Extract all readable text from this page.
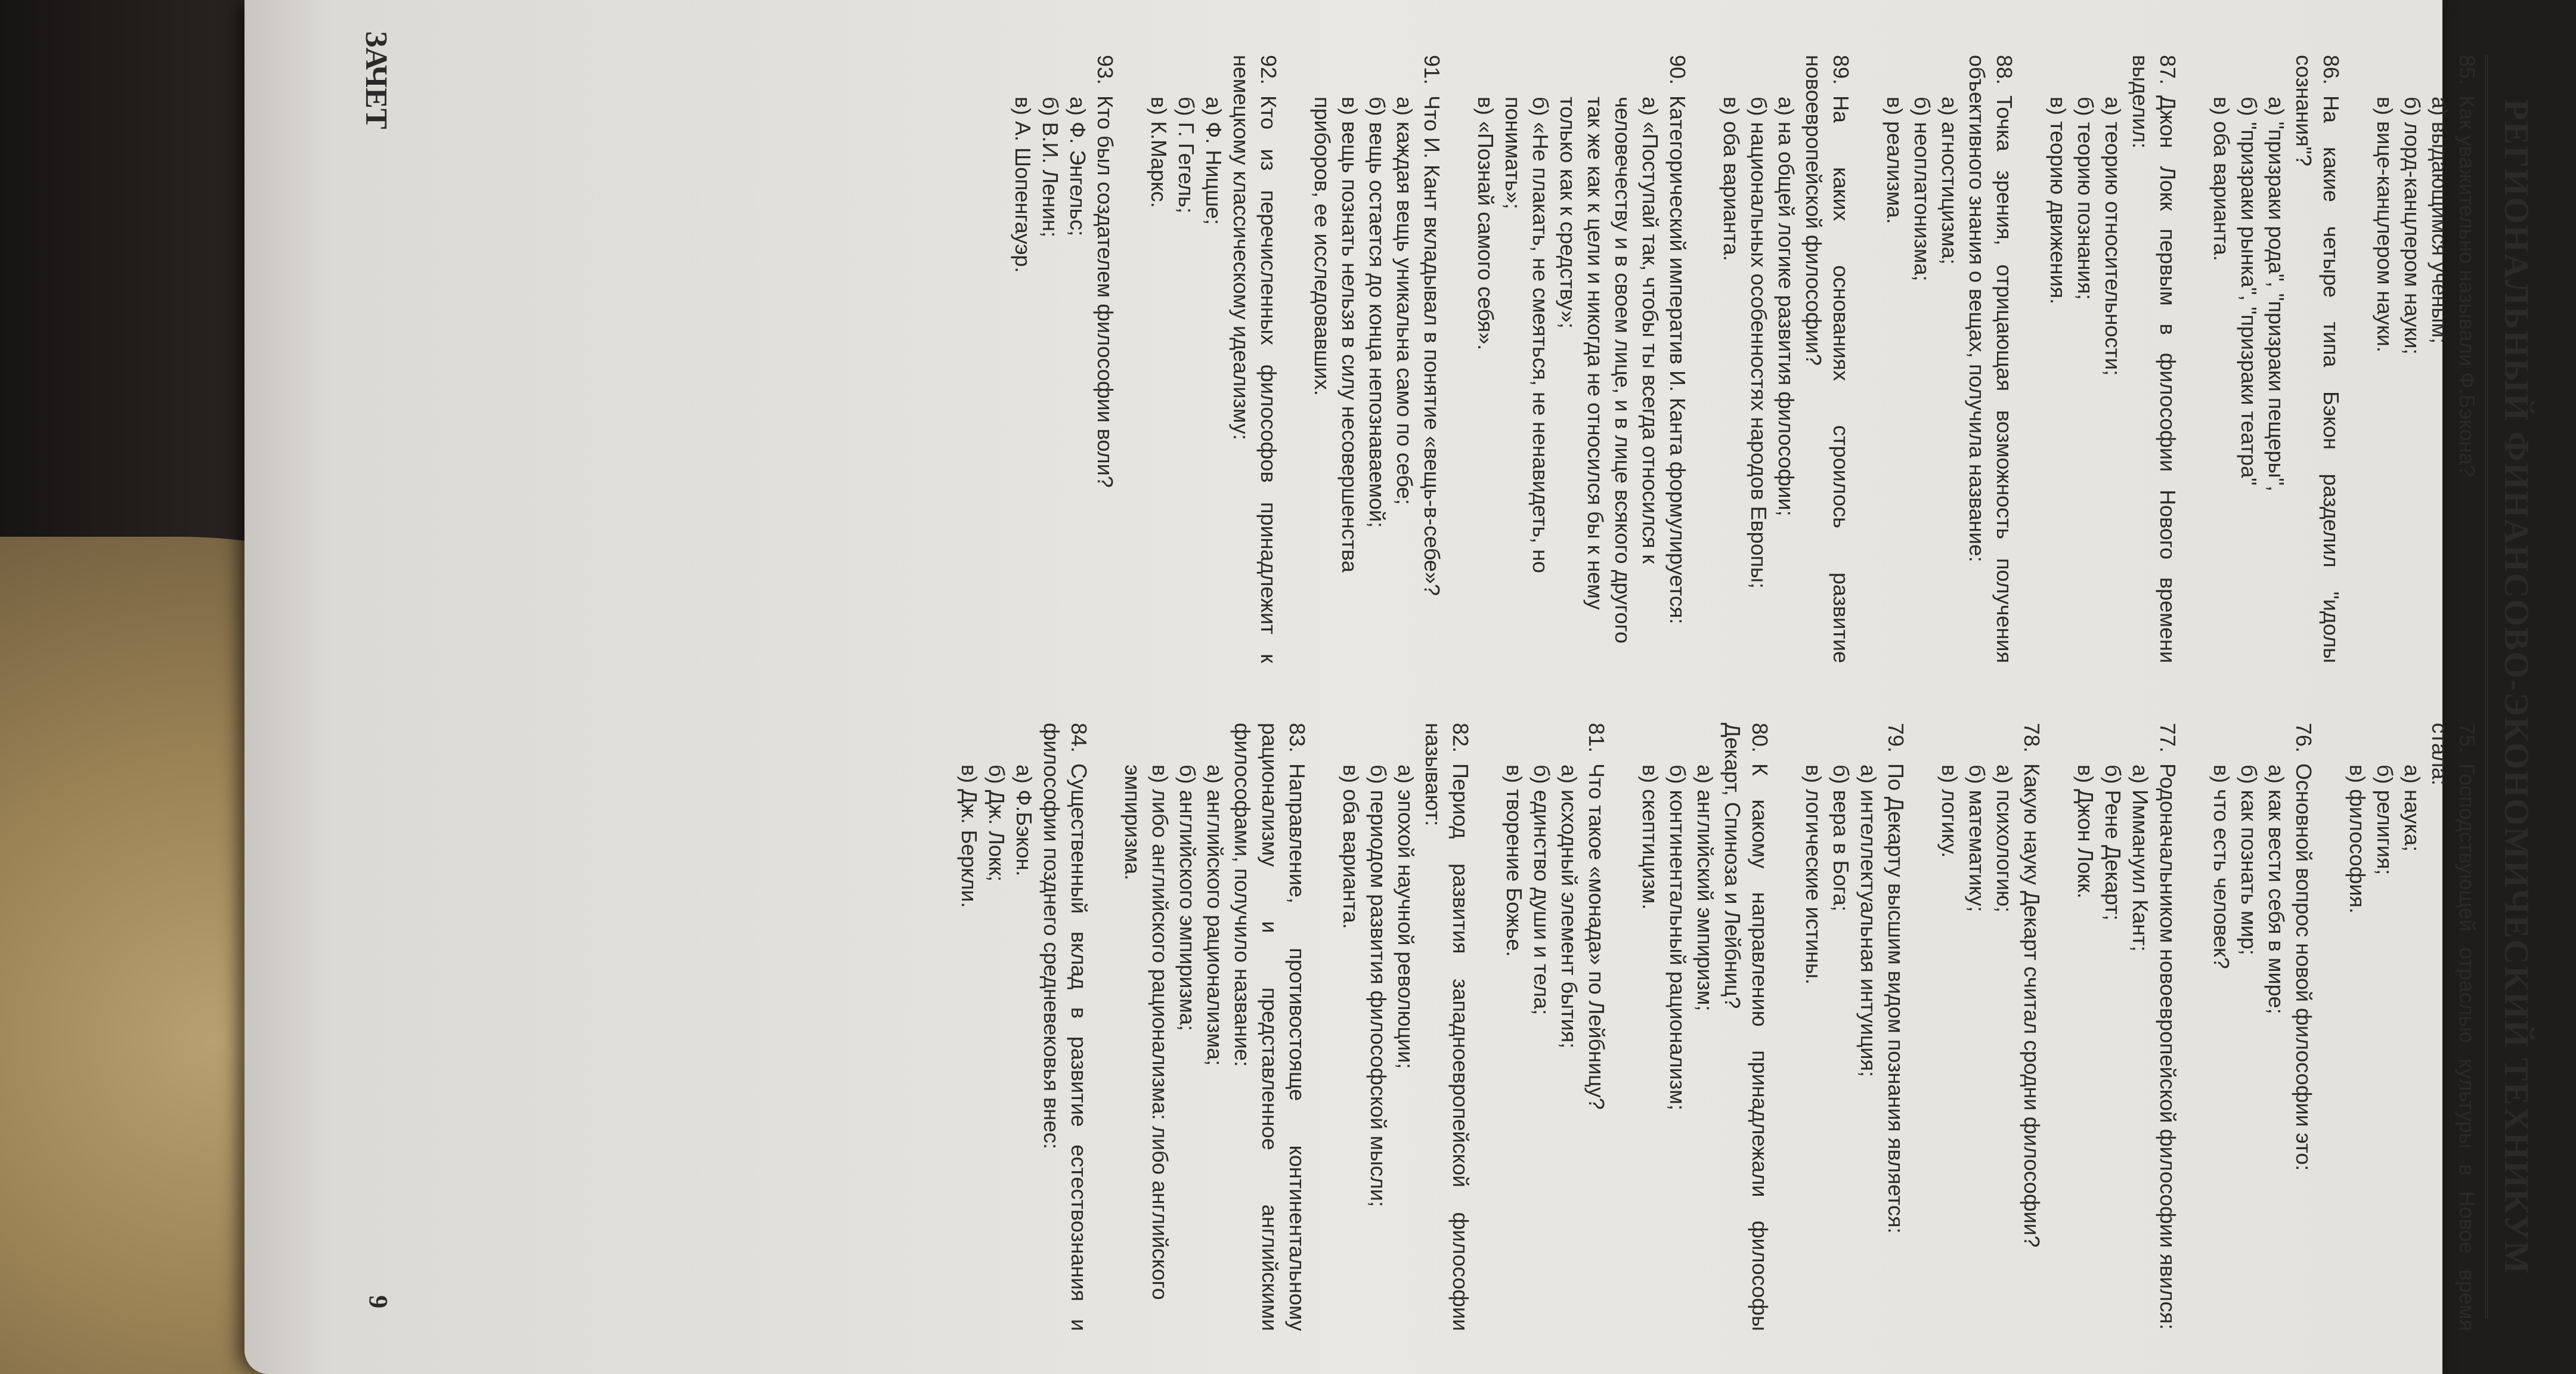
РЕГИОНАЛЬНЫЙ ФИНАНСОВО-ЭКОНОМИЧЕСКИЙ ТЕХНИКУМ
75.Господствующей отраслью культуры в Новое время стала:
а) наука;
б) религия;
в) философия.
76.Основной вопрос новой философии это:
а) как вести себя в мире;
б) как познать мир;
в) что есть человек?
77.Родоначальником новоевропейской философии явился:
а) Иммануил Кант;
б) Рене Декарт;
в) Джон Локк.
78.Какую науку Декарт считал сродни философии?
а) психологию;
б) математику;
в) логику.
79.По Декарту высшим видом познания является:
а) интеллектуальная интуиция;
б) вера в Бога;
в) логические истины.
80.К какому направлению принадлежали философы Декарт, Спиноза и Лейбниц?
а) английский эмпиризм;
б) континентальный рационализм;
в) скептицизм.
81.Что такое «монада» по Лейбницу?
а) исходный элемент бытия;
б) единство души и тела;
в) творение Божье.
82.Период развития западноевропейской философии называют:
а) эпохой научной революции;
б) периодом развития философской мысли;
в) оба варианта.
83.Направление, противостояще континентальному рационализму и представленное английскими философами, получило название:
а) английского рационализма;
б) английского эмпиризма;
в) либо английского рационализма: либо английского эмпиризма.
84.Существенный вклад в развитие естествознания и философии позднего средневековья внес:
а) Ф.Бэкон.
б) Дж. Локк;
в) Дж. Беркли.
85.Как уважительно называли Ф.Бэкона?
а) выдающимся ученым;
б) лорд-канцлером науки;
в) вице-канцлером науки.
86.На какие четыре типа Бэкон разделил "идолы сознания"?
а) "призраки рода", "призраки пещеры",
б) "призраки рынка", "призраки театра"
в) оба варианта.
87.Джон Локк первым в философии Нового времени выделил:
а) теорию относительности;
б) теорию познания;
в) теорию движения.
88.Точка зрения, отрицающая возможность получения объективного знания о вещах, получила название:
а) агностицизма;
б) неоплатонизма;
в) реализма.
89.На каких основаниях строилось развитие новоевропейской философии?
а) на общей логике развития философии;
б) национальных особенностях народов Европы;
в) оба варианта.
90.Категорический императив И. Канта формулируется:
а) «Поступай так, чтобы ты всегда относился к человечеству и в своем лице, и в лице всякого другого так же как к цели и никогда не относился бы к нему только как к средству»;
б) «Не плакать, не смеяться, не ненавидеть, но понимать»;
в) «Познай самого себя».
91.Что И. Кант вкладывал в понятие «вещь-в-себе»?
а) каждая вещь уникальна само по себе;
б) вещь остается до конца непознаваемой;
в) вещь познать нельзя в силу несовершенства приборов, ее исследовавших.
92.Кто из перечисленных философов принадлежит к немецкому классическому идеализму:
а) Ф. Ницше;
б) Г. Гегель;
в) К.Маркс.
93.Кто был создателем философии воли?
а) Ф. Энгельс;
б) В.И. Ленин;
в) А. Шопенгауэр.
ЗАЧЕТ
9
